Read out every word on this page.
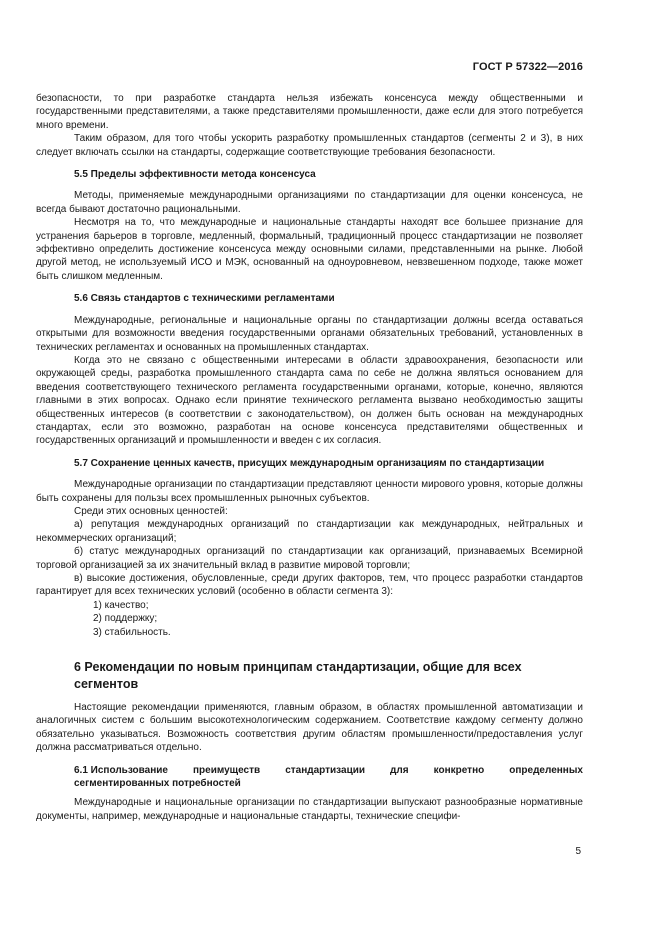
ГОСТ Р 57322—2016

безопасности, то при разработке стандарта нельзя избежать консенсуса между общественными и государственными представителями, а также представителями промышленности, даже если для этого потребуется много времени.

Таким образом, для того чтобы ускорить разработку промышленных стандартов (сегменты 2 и 3), в них следует включать ссылки на стандарты, содержащие соответствующие требования безопасности.

5.5 Пределы эффективности метода консенсуса

Методы, применяемые международными организациями по стандартизации для оценки консенсуса, не всегда бывают достаточно рациональными.

Несмотря на то, что международные и национальные стандарты находят все большее признание для устранения барьеров в торговле, медленный, формальный, традиционный процесс стандартизации не позволяет эффективно определить достижение консенсуса между основными силами, представленными на рынке. Любой другой метод, не используемый ИСО и МЭК, основанный на одноуровневом, невзвешенном подходе, также может быть слишком медленным.

5.6 Связь стандартов с техническими регламентами

Международные, региональные и национальные органы по стандартизации должны всегда оставаться открытыми для возможности введения государственными органами обязательных требований, установленных в технических регламентах и основанных на промышленных стандартах.

Когда это не связано с общественными интересами в области здравоохранения, безопасности или окружающей среды, разработка промышленного стандарта сама по себе не должна являться основанием для введения соответствующего технического регламента государственными органами, которые, конечно, являются главными в этих вопросах. Однако если принятие технического регламента вызвано необходимостью защиты общественных интересов (в соответствии с законодательством), он должен быть основан на международных стандартах, если это возможно, разработан на основе консенсуса представителями общественных и государственных организаций и промышленности и введен с их согласия.

5.7 Сохранение ценных качеств, присущих международным организациям по стандартизации

Международные организации по стандартизации представляют ценности мирового уровня, которые должны быть сохранены для пользы всех промышленных рыночных субъектов.

Среди этих основных ценностей:

а) репутация международных организаций по стандартизации как международных, нейтральных и некоммерческих организаций;

б) статус международных организаций по стандартизации как организаций, признаваемых Всемирной торговой организацией за их значительный вклад в развитие мировой торговли;

в) высокие достижения, обусловленные, среди других факторов, тем, что процесс разработки стандартов гарантирует для всех технических условий (особенно в области сегмента 3):

1) качество;

2) поддержку;

3) стабильность.

6 Рекомендации по новым принципам стандартизации, общие для всех сегментов

Настоящие рекомендации применяются, главным образом, в областях промышленной автоматизации и аналогичных систем с большим высокотехнологическим содержанием. Соответствие каждому сегменту должно обязательно указываться. Возможность соответствия другим областям промышленности/предоставления услуг должна рассматриваться отдельно.

6.1 Использование	преимуществ	стандартизации	для	конкретно	определенных
сегментированных потребностей

Международные и национальные организации по стандартизации выпускают разнообразные нормативные документы, например, международные и национальные стандарты, технические специфи-

5
